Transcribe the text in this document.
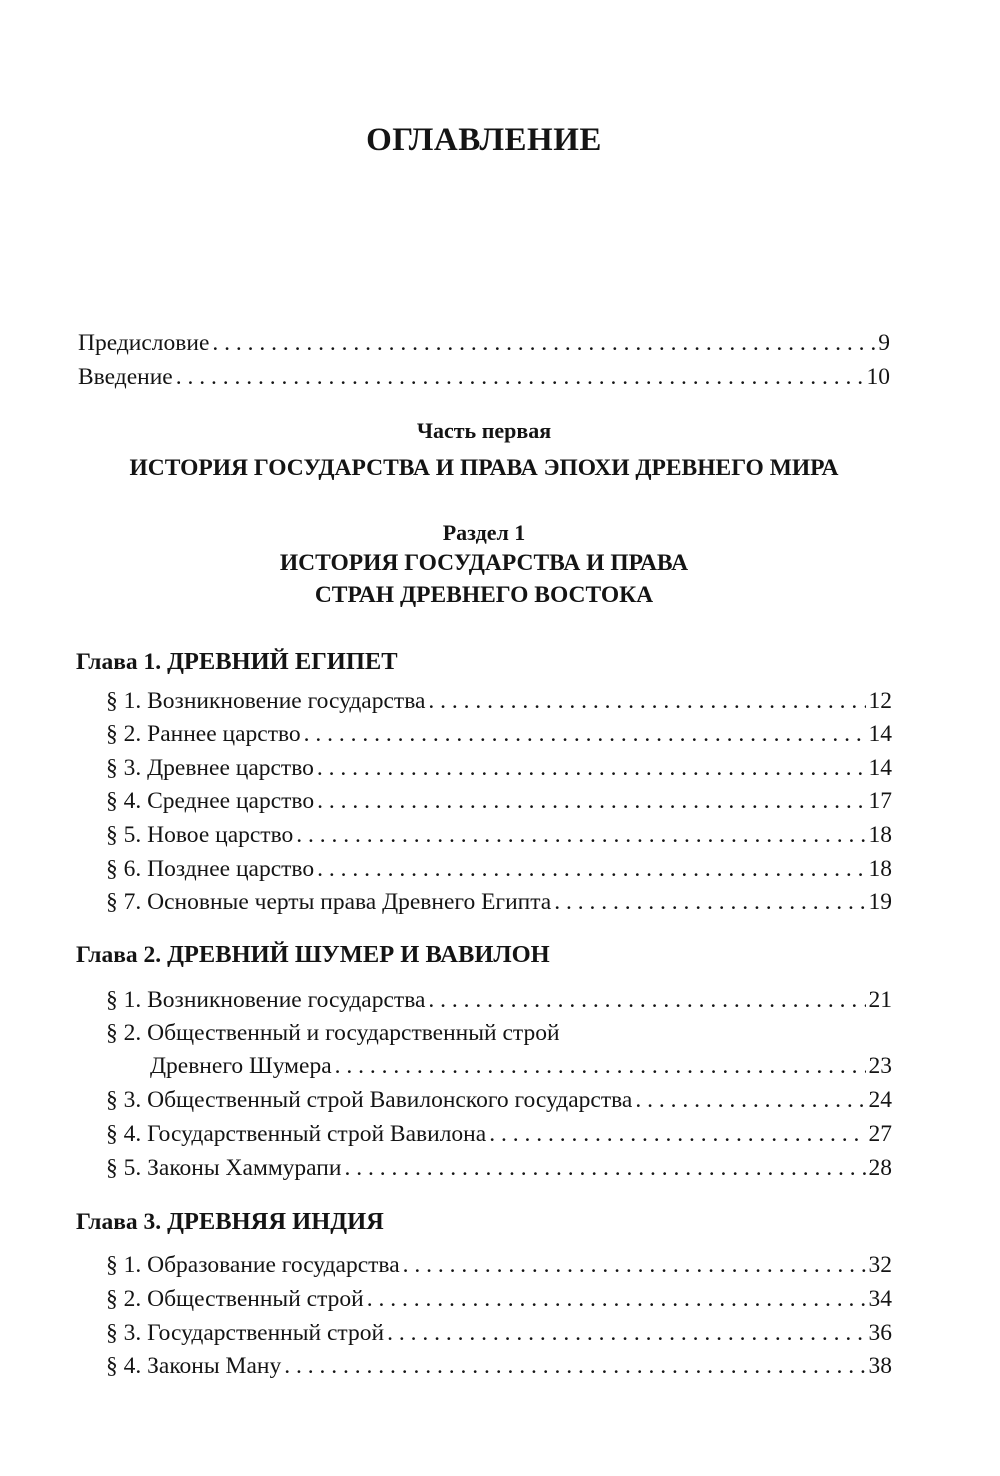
ОГЛАВЛЕНИЕ
Предисловие . . .	9
Введение . . .	10
Часть первая
ИСТОРИЯ ГОСУДАРСТВА И ПРАВА ЭПОХИ ДРЕВНЕГО МИРА
Раздел 1
ИСТОРИЯ ГОСУДАРСТВА И ПРАВА
СТРАН ДРЕВНЕГО ВОСТОКА
Глава 1. ДРЕВНИЙ ЕГИПЕТ
§ 1. Возникновение государства . . .	12
§ 2. Раннее царство . . .	14
§ 3. Древнее царство . . .	14
§ 4. Среднее царство . . .	17
§ 5. Новое царство . . .	18
§ 6. Позднее царство . . .	18
§ 7. Основные черты права Древнего Египта . . .	19
Глава 2. ДРЕВНИЙ ШУМЕР И ВАВИЛОН
§ 1. Возникновение государства . . .	21
§ 2. Общественный и государственный строй
Древнего Шумера . . .	23
§ 3. Общественный строй Вавилонского государства . . .	24
§ 4. Государственный строй Вавилона . . .	27
§ 5. Законы Хаммурапи . . .	28
Глава 3. ДРЕВНЯЯ ИНДИЯ
§ 1. Образование государства . . .	32
§ 2. Общественный строй . . .	34
§ 3. Государственный строй . . .	36
§ 4. Законы Ману . . .	38
